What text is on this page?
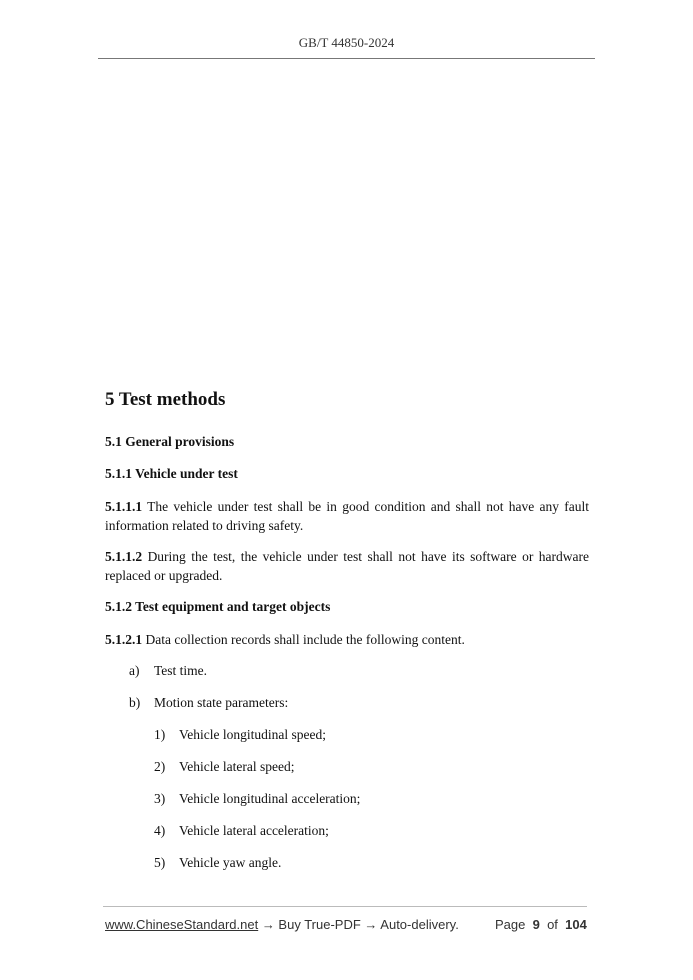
GB/T 44850-2024
5 Test methods
5.1 General provisions
5.1.1 Vehicle under test
5.1.1.1 The vehicle under test shall be in good condition and shall not have any fault information related to driving safety.
5.1.1.2 During the test, the vehicle under test shall not have its software or hardware replaced or upgraded.
5.1.2 Test equipment and target objects
5.1.2.1 Data collection records shall include the following content.
a) Test time.
b) Motion state parameters:
1) Vehicle longitudinal speed;
2) Vehicle lateral speed;
3) Vehicle longitudinal acceleration;
4) Vehicle lateral acceleration;
5) Vehicle yaw angle.
www.ChineseStandard.net → Buy True-PDF → Auto-delivery.	Page 9 of 104
